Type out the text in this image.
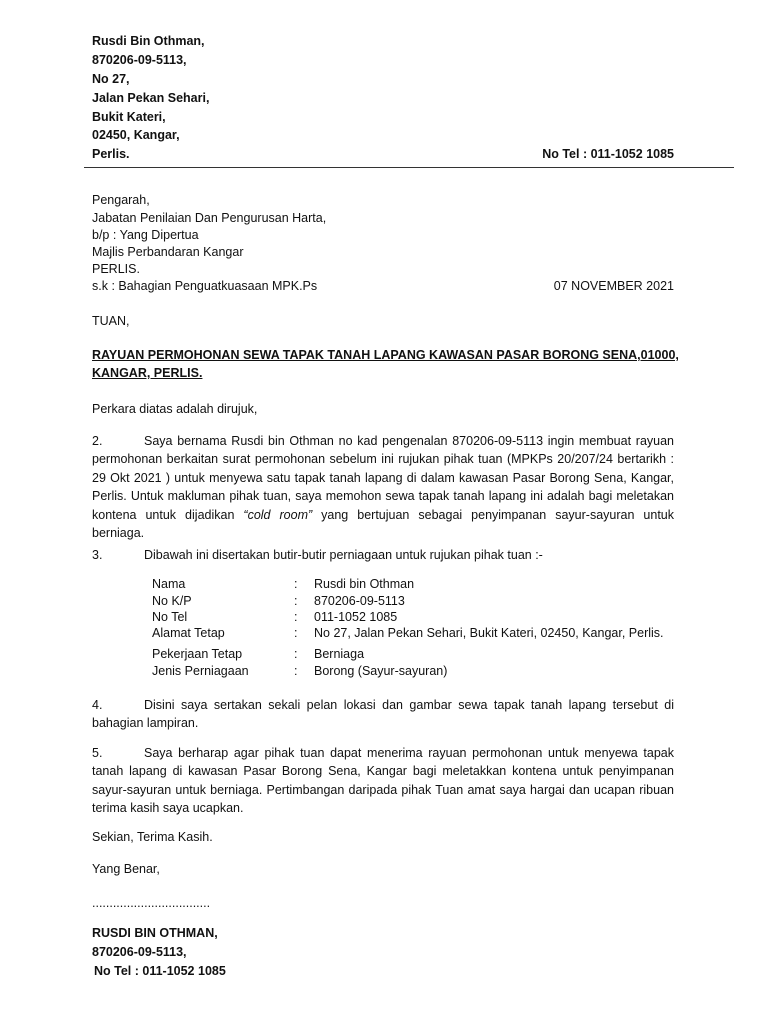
Rusdi Bin Othman,
870206-09-5113,
No 27,
Jalan Pekan Sehari,
Bukit Kateri,
02450, Kangar,
Perlis.	No Tel : 011-1052 1085
Pengarah,
Jabatan Penilaian Dan Pengurusan Harta,
b/p : Yang Dipertua
Majlis Perbandaran Kangar
PERLIS.
s.k : Bahagian Penguatkuasaan MPK.Ps	07 NOVEMBER 2021
TUAN,
RAYUAN PERMOHONAN SEWA TAPAK TANAH LAPANG KAWASAN PASAR BORONG SENA,01000,
KANGAR, PERLIS.
Perkara diatas adalah dirujuk,
2.	Saya bernama Rusdi bin Othman no kad pengenalan 870206-09-5113 ingin membuat rayuan permohonan berkaitan surat permohonan sebelum ini rujukan pihak tuan (MPKPs 20/207/24 bertarikh : 29 Okt 2021 ) untuk menyewa satu tapak tanah lapang di dalam kawasan Pasar Borong Sena, Kangar, Perlis. Untuk makluman pihak tuan, saya memohon sewa tapak tanah lapang ini adalah bagi meletakan kontena untuk dijadikan “cold room” yang bertujuan sebagai penyimpanan sayur-sayuran untuk berniaga.
3.	Dibawah ini disertakan butir-butir perniagaan untuk rujukan pihak tuan :-
Nama	: Rusdi bin Othman
No K/P	: 870206-09-5113
No Tel	: 011-1052 1085
Alamat Tetap	: No 27, Jalan Pekan Sehari, Bukit Kateri, 02450, Kangar, Perlis.
Pekerjaan Tetap	: Berniaga
Jenis Perniagaan	: Borong (Sayur-sayuran)
4.	Disini saya sertakan sekali pelan lokasi dan gambar sewa tapak tanah lapang tersebut di bahagian lampiran.
5.	Saya berharap agar pihak tuan dapat menerima rayuan permohonan untuk menyewa tapak tanah lapang di kawasan Pasar Borong Sena, Kangar bagi meletakkan kontena untuk penyimpanan sayur-sayuran untuk berniaga. Pertimbangan daripada pihak Tuan amat saya hargai dan ucapan ribuan terima kasih saya ucapkan.
Sekian, Terima Kasih.
Yang Benar,
..................................
RUSDI BIN OTHMAN,
870206-09-5113,
No Tel : 011-1052 1085
